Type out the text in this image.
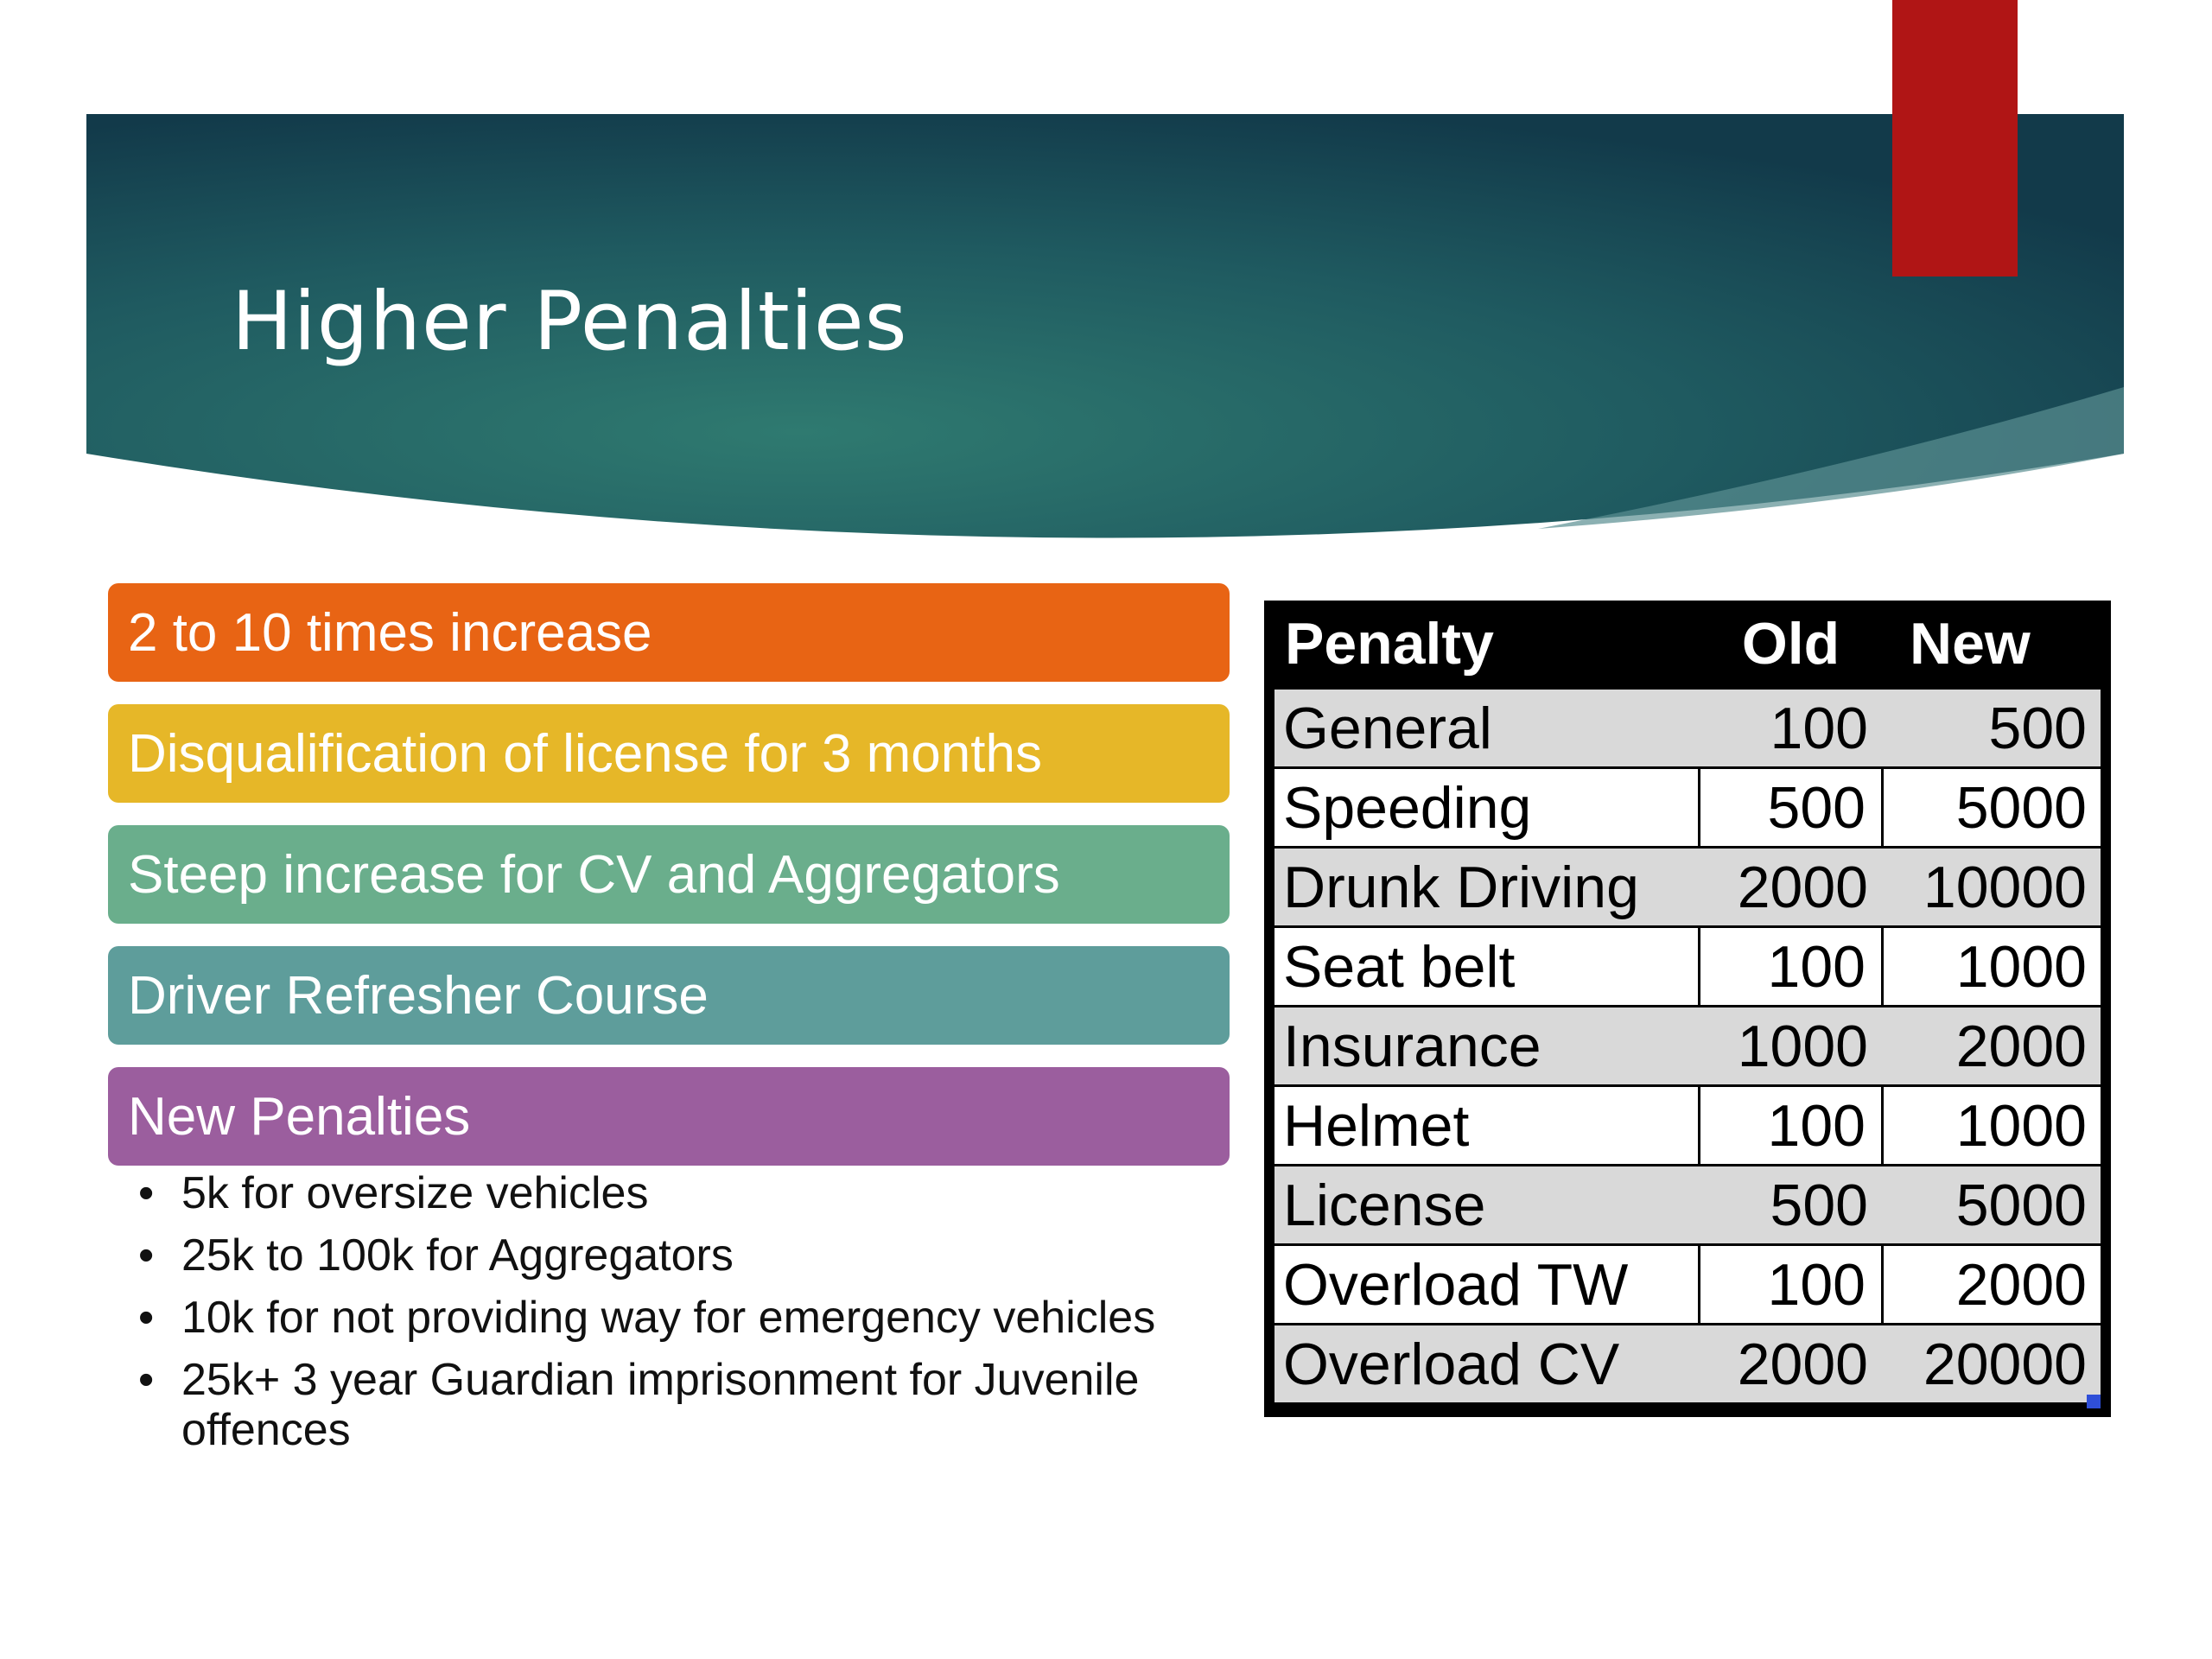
Higher Penalties
2 to 10 times increase
Disqualification of license for 3 months
Steep increase for CV and Aggregators
Driver Refresher Course
New Penalties
• 5k for oversize vehicles
• 25k to 100k for Aggregators
• 10k for not providing way for emergency vehicles
• 25k+ 3 year Guardian imprisonment for Juvenile offences
Penalty	Old	New
General	100	500
Speeding	500	5000
Drunk Driving	2000 10000
Seat belt	100	1000
Insurance	1000	2000
Helmet	100	1000
License	500	5000
Overload TW	100	2000
Overload CV	2000 20000
